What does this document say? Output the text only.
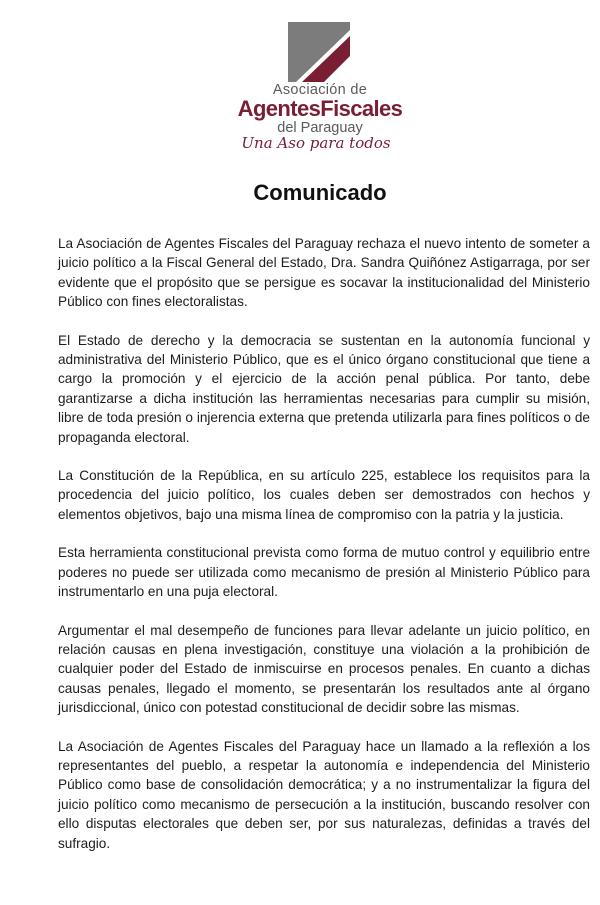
Asociación de
AgentesFiscales
del Paraguay
Una Aso para todos
Comunicado

La Asociación de Agentes Fiscales del Paraguay rechaza el nuevo intento de someter a juicio político a la Fiscal General del Estado, Dra. Sandra Quiñónez Astigarraga, por ser evidente que el propósito que se persigue es socavar la institucionalidad del Ministerio Público con fines electoralistas.

El Estado de derecho y la democracia se sustentan en la autonomía funcional y administrativa del Ministerio Público, que es el único órgano constitucional que tiene a cargo la promoción y el ejercicio de la acción penal pública. Por tanto, debe garantizarse a dicha institución las herramientas necesarias para cumplir su misión, libre de toda presión o injerencia externa que pretenda utilizarla para fines políticos o de propaganda electoral.

La Constitución de la República, en su artículo 225, establece los requisitos para la procedencia del juicio político, los cuales deben ser demostrados con hechos y elementos objetivos, bajo una misma línea de compromiso con la patria y la justicia.

Esta herramienta constitucional prevista como forma de mutuo control y equilibrio entre poderes no puede ser utilizada como mecanismo de presión al Ministerio Público para instrumentarlo en una puja electoral.

Argumentar el mal desempeño de funciones para llevar adelante un juicio político, en relación causas en plena investigación, constituye una violación a la prohibición de cualquier poder del Estado de inmiscuirse en procesos penales. En cuanto a dichas causas penales, llegado el momento, se presentarán los resultados ante al órgano jurisdiccional, único con potestad constitucional de decidir sobre las mismas.

La Asociación de Agentes Fiscales del Paraguay hace un llamado a la reflexión a los representantes del pueblo, a respetar la autonomía e independencia del Ministerio Público como base de consolidación democrática; y a no instrumentalizar la figura del juicio político como mecanismo de persecución a la institución, buscando resolver con ello disputas electorales que deben ser, por sus naturalezas, definidas a través del sufragio.
